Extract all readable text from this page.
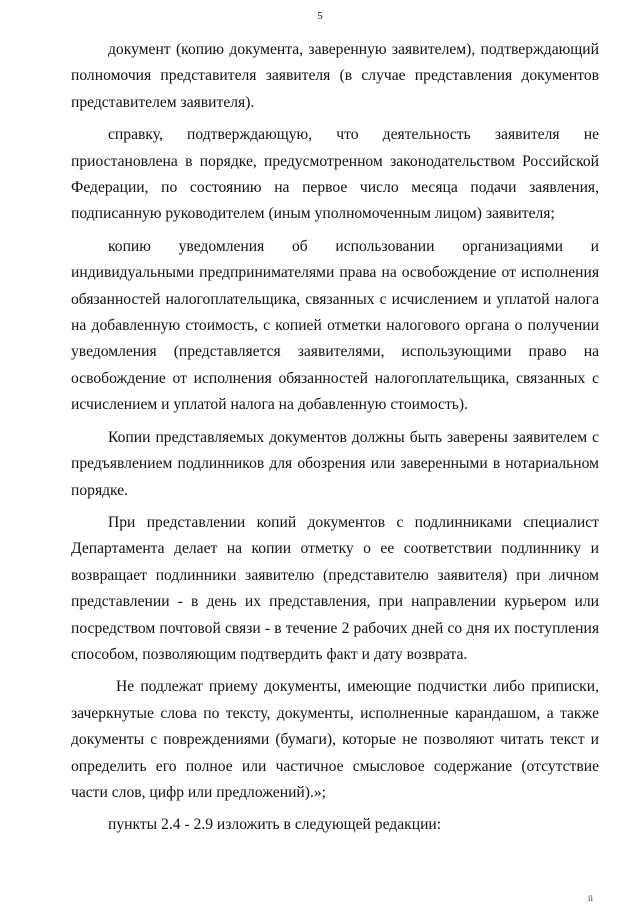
5

документ (копию документа, заверенную заявителем), подтверждающий полномочия представителя заявителя (в случае представления документов представителем заявителя).

справку, подтверждающую, что деятельность заявителя не приостановлена в порядке, предусмотренном законодательством Российской Федерации, по состоянию на первое число месяца подачи заявления, подписанную руководителем (иным уполномоченным лицом) заявителя;

копию уведомления об использовании организациями и индивидуальными предпринимателями права на освобождение от исполнения обязанностей налогоплательщика, связанных с исчислением и уплатой налога на добавленную стоимость, с копией отметки налогового органа о получении уведомления (представляется заявителями, использующими право на освобождение от исполнения обязанностей налогоплательщика, связанных с исчислением и уплатой налога на добавленную стоимость).

Копии представляемых документов должны быть заверены заявителем с предъявлением подлинников для обозрения или заверенными в нотариальном порядке.

При представлении копий документов с подлинниками специалист Департамента делает на копии отметку о ее соответствии подлиннику и возвращает подлинники заявителю (представителю заявителя) при личном представлении - в день их представления, при направлении курьером или посредством почтовой связи - в течение 2 рабочих дней со дня их поступления способом, позволяющим подтвердить факт и дату возврата.

Не подлежат приему документы, имеющие подчистки либо приписки, зачеркнутые слова по тексту, документы, исполненные карандашом, а также документы с повреждениями (бумаги), которые не позволяют читать текст и определить его полное или частичное смысловое содержание (отсутствие части слов, цифр или предложений).»;

пункты 2.4 - 2.9 изложить в следующей редакции:

ⅱ
